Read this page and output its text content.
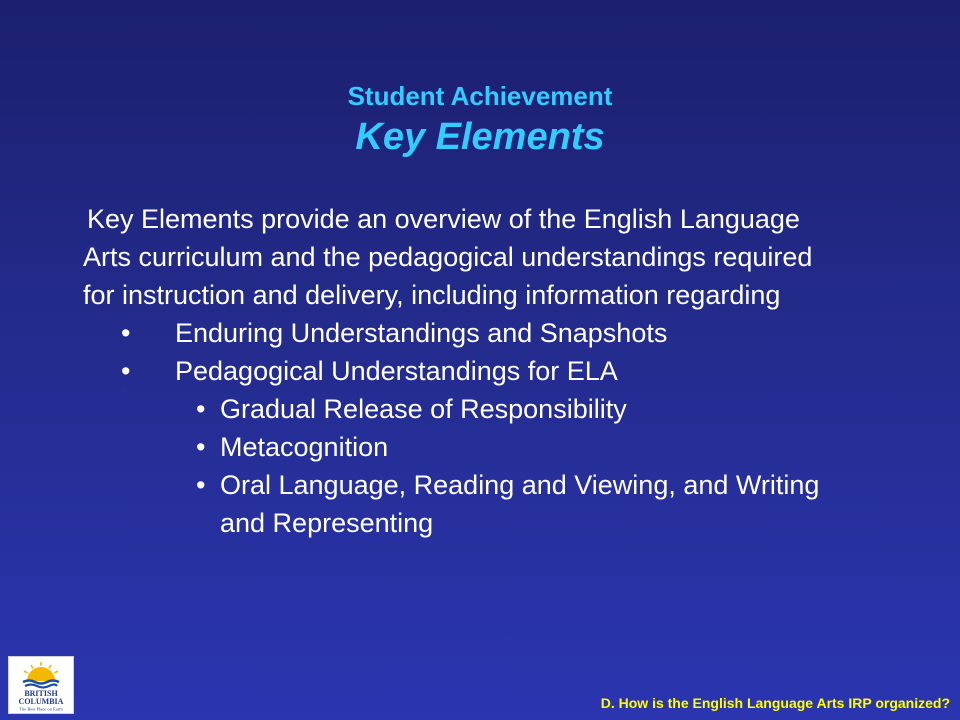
Student Achievement
Key Elements
Key Elements provide an overview of the English Language Arts curriculum and the pedagogical understandings required for instruction and delivery, including information regarding
• Enduring Understandings and Snapshots
• Pedagogical Understandings for ELA
• Gradual Release of Responsibility
• Metacognition
• Oral Language, Reading and Viewing, and Writing and Representing
BRITISH
COLUMBIA
The Best Place on Earth	D. How is the English Language Arts IRP organized?
